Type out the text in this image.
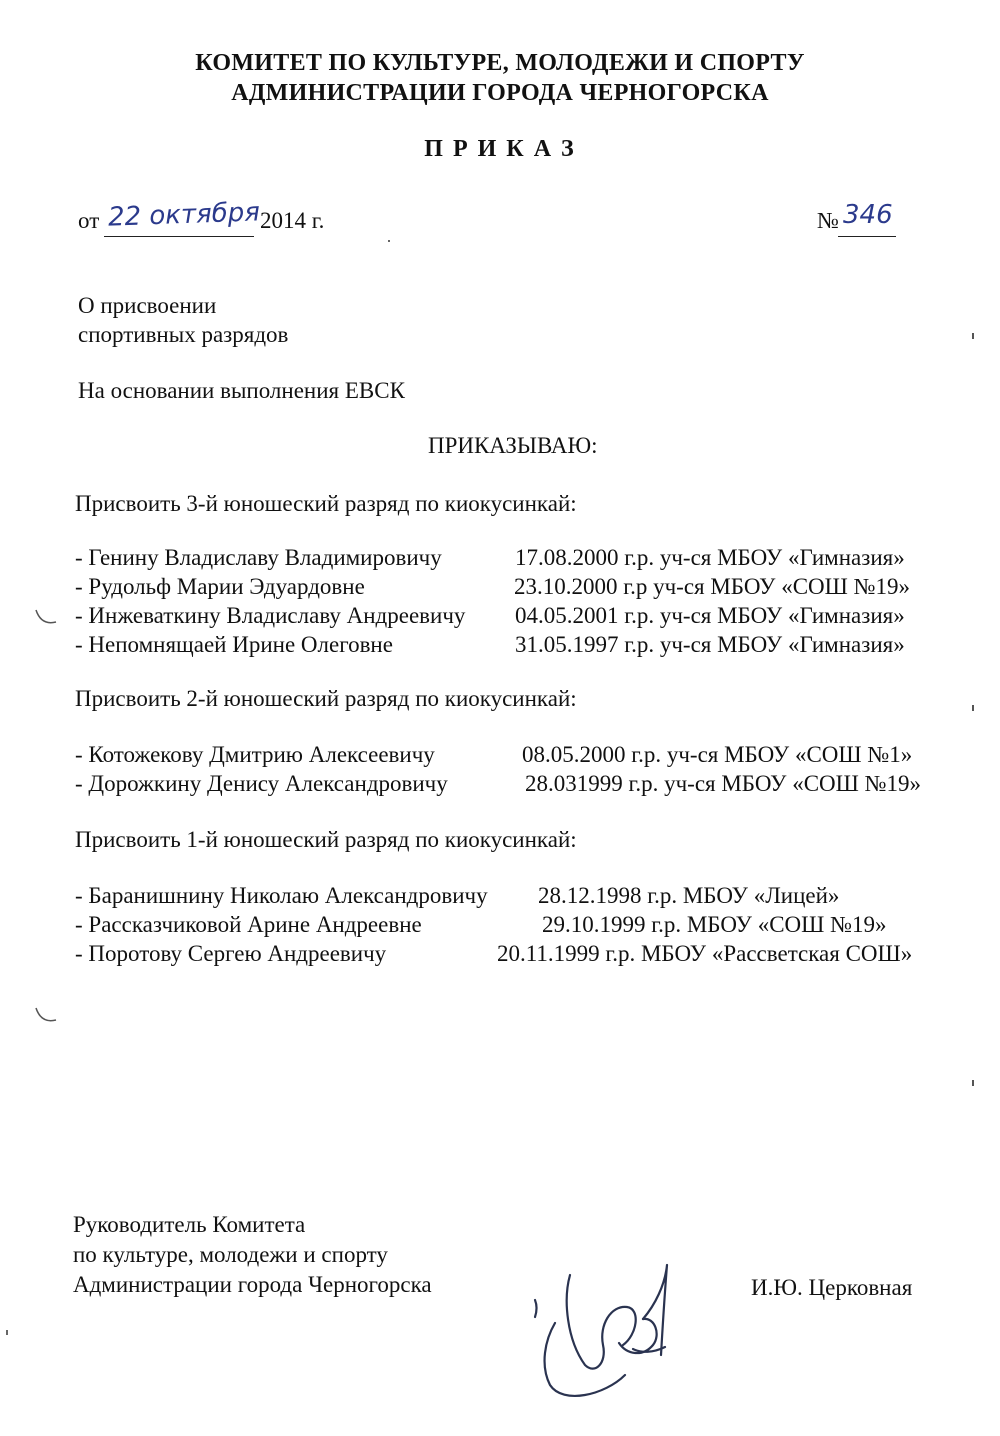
КОМИТЕТ ПО КУЛЬТУРЕ, МОЛОДЕЖИ И СПОРТУ
АДМИНИСТРАЦИИ ГОРОДА ЧЕРНОГОРСКА
П Р И К А З
от 22 октября 2014 г.	№ 346
О присвоении
спортивных разрядов
На основании выполнения ЕВСК
ПРИКАЗЫВАЮ:
Присвоить 3-й юношеский разряд по киокусинкай:
- Генину Владиславу Владимировичу	17.08.2000 г.р. уч-ся МБОУ «Гимназия»
- Рудольф Марии Эдуардовне	23.10.2000 г.р уч-ся МБОУ «СОШ №19»
- Инжеваткину Владиславу Андреевичу 04.05.2001 г.р. уч-ся МБОУ «Гимназия»
- Непомнящаей Ирине Олеговне	31.05.1997 г.р. уч-ся МБОУ «Гимназия»
Присвоить 2-й юношеский разряд по киокусинкай:
- Котожекову Дмитрию Алексеевичу	08.05.2000 г.р. уч-ся МБОУ «СОШ №1»
- Дорожкину Денису Александровичу	28.031999 г.р. уч-ся МБОУ «СОШ №19»
Присвоить 1-й юношеский разряд по киокусинкай:
- Баранишнину Николаю Александровичу 28.12.1998 г.р. МБОУ «Лицей»
- Рассказчиковой Арине Андреевне	29.10.1999 г.р. МБОУ «СОШ №19»
- Поротову Сергею Андреевичу	20.11.1999 г.р. МБОУ «Рассветская СОШ»
Руководитель Комитета
по культуре, молодежи и спорту
Администрации города Черногорска	И.Ю. Церковная
